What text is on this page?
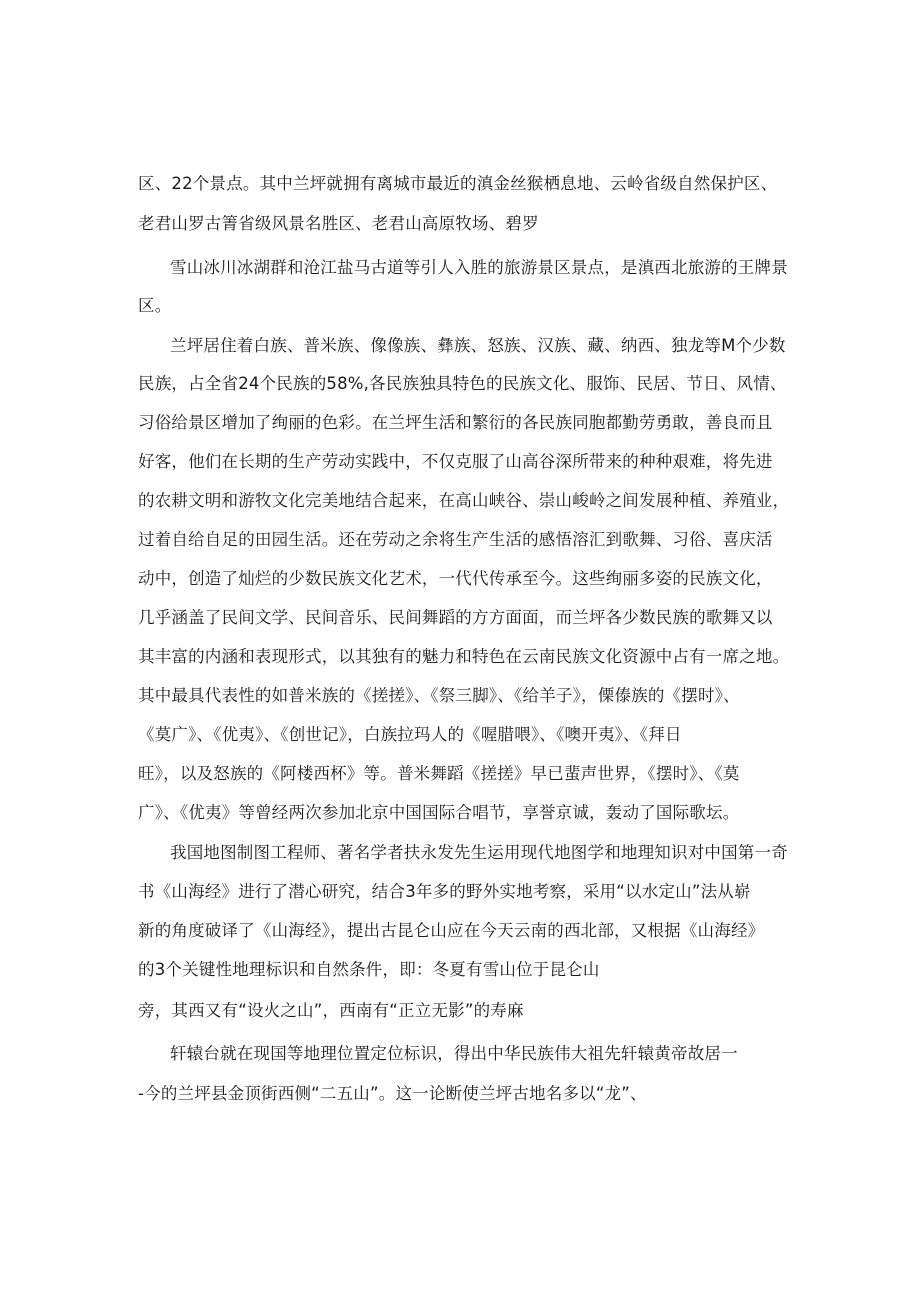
区、22个景点。其中兰坪就拥有离城市最近的滇金丝猴栖息地、云岭省级自然保护区、
老君山罗古箐省级风景名胜区、老君山高原牧场、碧罗
雪山冰川冰湖群和沧江盐马古道等引人入胜的旅游景区景点，是滇西北旅游的王牌景
区。
兰坪居住着白族、普米族、像像族、彝族、怒族、汉族、藏、纳西、独龙等M个少数
民族，占全省24个民族的58%,各民族独具特色的民族文化、服饰、民居、节日、风情、
习俗给景区增加了绚丽的色彩。在兰坪生活和繁衍的各民族同胞都勤劳勇敢，善良而且
好客，他们在长期的生产劳动实践中，不仅克服了山高谷深所带来的种种艰难，将先进
的农耕文明和游牧文化完美地结合起来，在高山峡谷、崇山峻岭之间发展种植、养殖业，
过着自给自足的田园生活。还在劳动之余将生产生活的感悟溶汇到歌舞、习俗、喜庆活
动中，创造了灿烂的少数民族文化艺术，一代代传承至今。这些绚丽多姿的民族文化，
几乎涵盖了民间文学、民间音乐、民间舞蹈的方方面面，而兰坪各少数民族的歌舞又以
其丰富的内涵和表现形式，以其独有的魅力和特色在云南民族文化资源中占有一席之地。
其中最具代表性的如普米族的《搓搓》、《祭三脚》、《给羊子》，傈傣族的《摆时》、
《莫广》、《优夷》、《创世记》，白族拉玛人的《喔腊喂》、《噢开夷》、《拜日
旺》，以及怒族的《阿楼西杯》等。普米舞蹈《搓搓》早已蜚声世界，《摆时》、《莫
广》、《优夷》等曾经两次参加北京中国国际合唱节，享誉京诚，轰动了国际歌坛。
我国地图制图工程师、著名学者扶永发先生运用现代地图学和地理知识对中国第一奇
书《山海经》进行了潜心研究，结合3年多的野外实地考察，采用“以水定山”法从崭
新的角度破译了《山海经》，提出古昆仑山应在今天云南的西北部，又根据《山海经》
的3个关键性地理标识和自然条件，即：冬夏有雪山位于昆仑山
旁，其西又有“设火之山”，西南有“正立无影”的寿麻
轩辕台就在现国等地理位置定位标识，得出中华民族伟大祖先轩辕黄帝故居一
-今的兰坪县金顶街西侧“二五山”。这一论断使兰坪古地名多以“龙”、
